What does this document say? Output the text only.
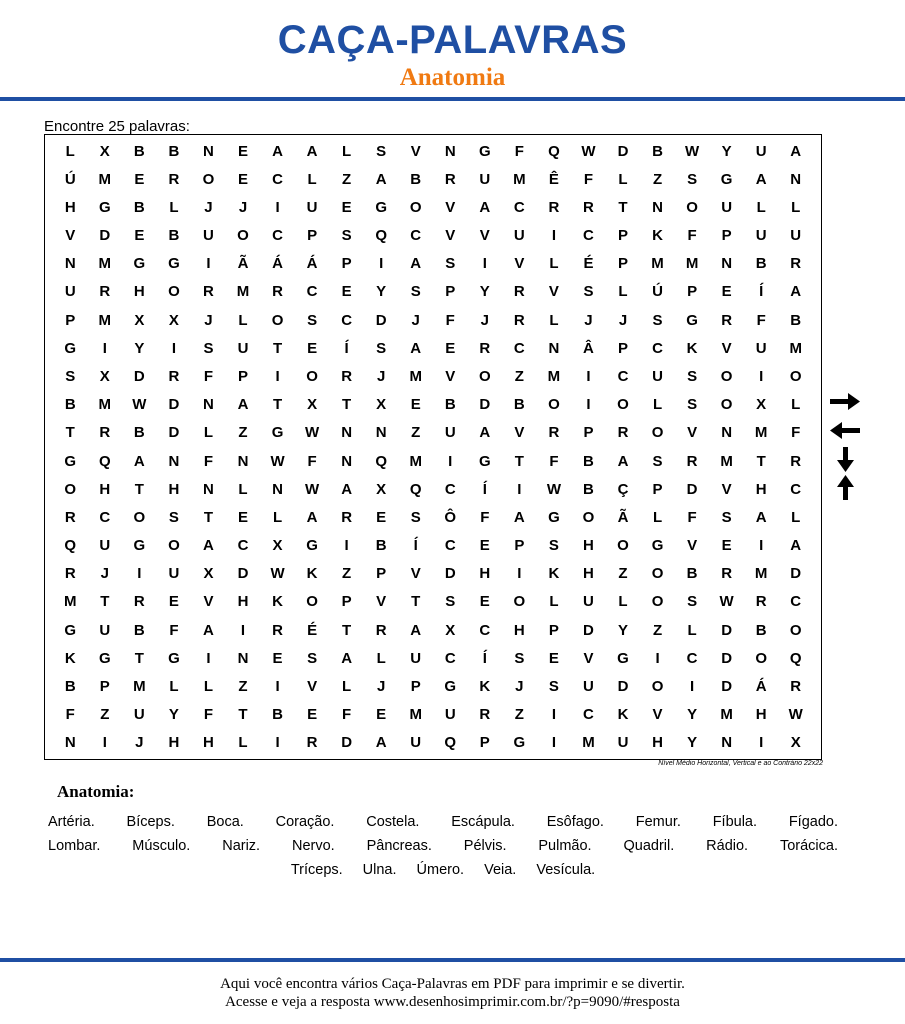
CAÇA-PALAVRAS
Anatomia
Encontre 25 palavras:
L	X	B	B	N	E	A	A	L	S	V	N	G	F	Q	W	D	B	W	Y	U	A
Ú	M	E	R	O	E	C	L	Z	A	B	R	U	M	Ê	F	L	Z	S	G	A	N
H	G	B	L	J	J	I	U	E	G	O	V	A	C	R	R	T	N	O	U	L	L
V	D	E	B	U	O	C	P	S	Q	C	V	V	U	I	C	P	K	F	P	U	U
N	M	G	G	I	Ã	Á	Á	P	I	A	S	I	V	L	É	P	M	M	N	B	R
U	R	H	O	R	M	R	C	E	Y	S	P	Y	R	V	S	L	Ú	P	E	Í	A
P	M	X	X	J	L	O	S	C	D	J	F	J	R	L	J	J	S	G	R	F	B
G	I	Y	I	S	U	T	E	Í	S	A	E	R	C	N	Â	P	C	K	V	U	M
S	X	D	R	F	P	I	O	R	J	M	V	O	Z	M	I	C	U	S	O	I	O
B	M	W	D	N	A	T	X	T	X	E	B	D	B	O	I	O	L	S	O	X	L
T	R	B	D	L	Z	G	W	N	N	Z	U	A	V	R	P	R	O	V	N	M	F
G	Q	A	N	F	N	W	F	N	Q	M	I	G	T	F	B	A	S	R	M	T	R
O	H	T	H	N	L	N	W	A	X	Q	C	Í	I	W	B	Ç	P	D	V	H	C
R	C	O	S	T	E	L	A	R	E	S	Ô	F	A	G	O	Ã	L	F	S	A	L
Q	U	G	O	A	C	X	G	I	B	Í	C	E	P	S	H	O	G	V	E	I	A
R	J	I	U	X	D	W	K	Z	P	V	D	H	I	K	H	Z	O	B	R	M	D
M	T	R	E	V	H	K	O	P	V	T	S	E	O	L	U	L	O	S	W	R	C
G	U	B	F	A	I	R	É	T	R	A	X	C	H	P	D	Y	Z	L	D	B	O
K	G	T	G	I	N	E	S	A	L	U	C	Í	S	E	V	G	I	C	D	O	Q
B	P	M	L	L	Z	I	V	L	J	P	G	K	J	S	U	D	O	I	D	Á	R
F	Z	U	Y	F	T	B	E	F	E	M	U	R	Z	I	C	K	V	Y	M	H	W
N	I	J	H	H	L	I	R	D	A	U	Q	P	G	I	M	U	H	Y	N	I	X
Nível Médio Horizontal, Vertical e ao Contrário 22x22
Anatomia:
Artéria. Bíceps. Boca. Coração. Costela. Escápula. Esôfago. Femur. Fíbula. Fígado.
Lombar. Músculo. Nariz. Nervo. Pâncreas. Pélvis. Pulmão. Quadril. Rádio. Torácica.
Tríceps. Ulna. Úmero. Veia. Vesícula.
Aqui você encontra vários Caça-Palavras em PDF para imprimir e se divertir.
Acesse e veja a resposta www.desenhosimprimir.com.br/?p=9090/#resposta
